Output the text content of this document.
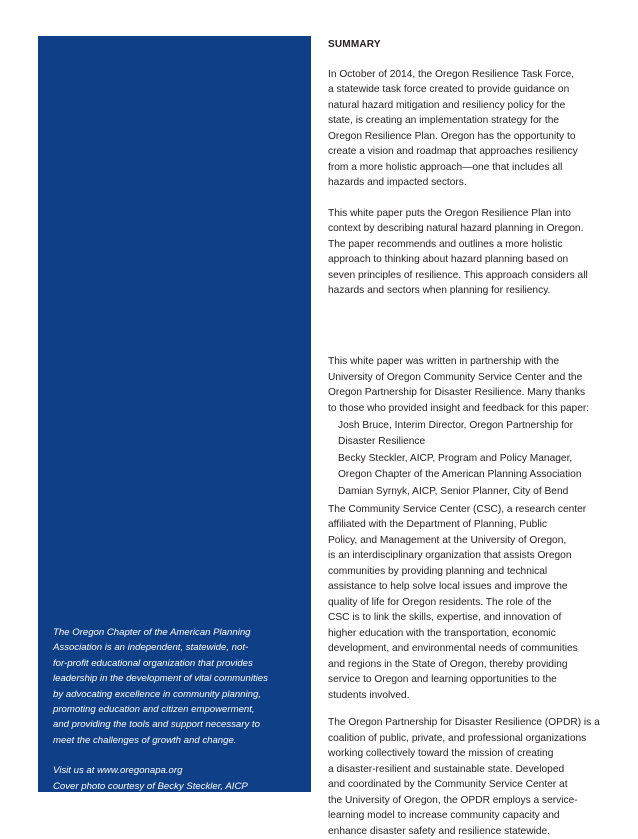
The Oregon Chapter of the American Planning

Association is an independent, statewide, not-

for-profit educational organization that provides

leadership in the development of vital communities

by advocating excellence in community planning,

promoting education and citizen empowerment,

and providing the tools and support necessary to

meet the challenges of growth and change.

Visit us at www.oregonapa.org

Cover photo courtesy of Becky Steckler, AICP

SUMMARY

In October of 2014, the Oregon Resilience Task Force,
a statewide task force created to provide guidance on
natural hazard mitigation and resiliency policy for the
state, is creating an implementation strategy for the
Oregon Resilience Plan. Oregon has the opportunity to
create a vision and roadmap that approaches resiliency
from a more holistic approach—one that includes all
hazards and impacted sectors.

This white paper puts the Oregon Resilience Plan into
context by describing natural hazard planning in Oregon.
The paper recommends and outlines a more holistic
approach to thinking about hazard planning based on
seven principles of resilience. This approach considers all
hazards and sectors when planning for resiliency.

This white paper was written in partnership with the
University of Oregon Community Service Center and the
Oregon Partnership for Disaster Resilience. Many thanks
to those who provided insight and feedback for this paper:

Josh Bruce, Interim Director, Oregon Partnership for
Disaster Resilience
Becky Steckler, AICP, Program and Policy Manager,
Oregon Chapter of the American Planning Association
Damian Syrnyk, AICP, Senior Planner, City of Bend

The Community Service Center (CSC), a research center
affiliated with the Department of Planning, Public
Policy, and Management at the University of Oregon,
is an interdisciplinary organization that assists Oregon
communities by providing planning and technical
assistance to help solve local issues and improve the
quality of life for Oregon residents. The role of the
CSC is to link the skills, expertise, and innovation of
higher education with the transportation, economic
development, and environmental needs of communities
and regions in the State of Oregon, thereby providing
service to Oregon and learning opportunities to the
students involved.

The Oregon Partnership for Disaster Resilience (OPDR) is a
coalition of public, private, and professional organizations
working collectively toward the mission of creating
a disaster-resilient and sustainable state. Developed
and coordinated by the Community Service Center at
the University of Oregon, the OPDR employs a service-
learning model to increase community capacity and
enhance disaster safety and resilience statewide.
